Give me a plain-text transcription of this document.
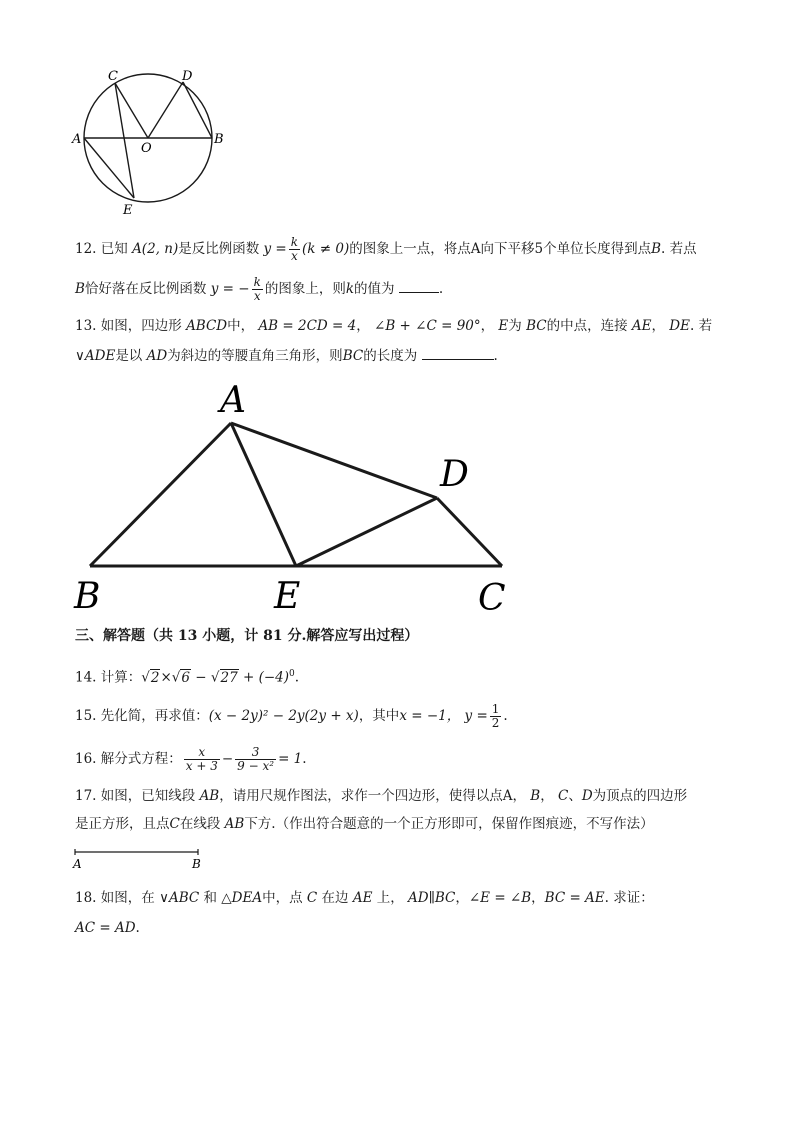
C	D
A
O
B
E
12. 已知 A(2, n)是反比例函数 $y = \frac{k}{x} (k \ne 0)$的图象上一点，将点A向下平移5个单位长度得到点B. 若点
B恰好落在反比例函数 y = − $\frac{k}{x}$ 的图象上，则k的值为	.
13. 如图，四边形 ABCD中， AB = 2CD = 4， ∠B + ∠C = 90°， E为 BC的中点，连接 AE， DE. 若
∨ADE是以 AD为斜边的等腰直角三角形，则BC的长度为	.
A
D
B	E	C
三、解答题（共 13 小题，计 81 分.解答应写出过程）
14. 计算：$√2\times√6 - √27 + (-4)^0$.
15. 先化简，再求值：(x − 2y)² − 2y(2y + x)，其中x = −1， $y = \frac{1}{2}$ .
16. 解分式方程： $\frac{x}{x + 3} - \frac{3}{\text{9 − x²}} = 1$.
17. 如图，已知线段 AB，请用尺规作图法，求作一个四边形，使得以点A， B， C、D为顶点的四边形
是正方形，且点C在线段 AB下方.（作出符合题意的一个正方形即可，保留作图痕迹，不写作法）
A	B
18. 如图，在 ∨ABC 和 △DEA中，点 C 在边 AE 上， AD∥BC，∠E = ∠B，BC = AE. 求证：
AC = AD.
